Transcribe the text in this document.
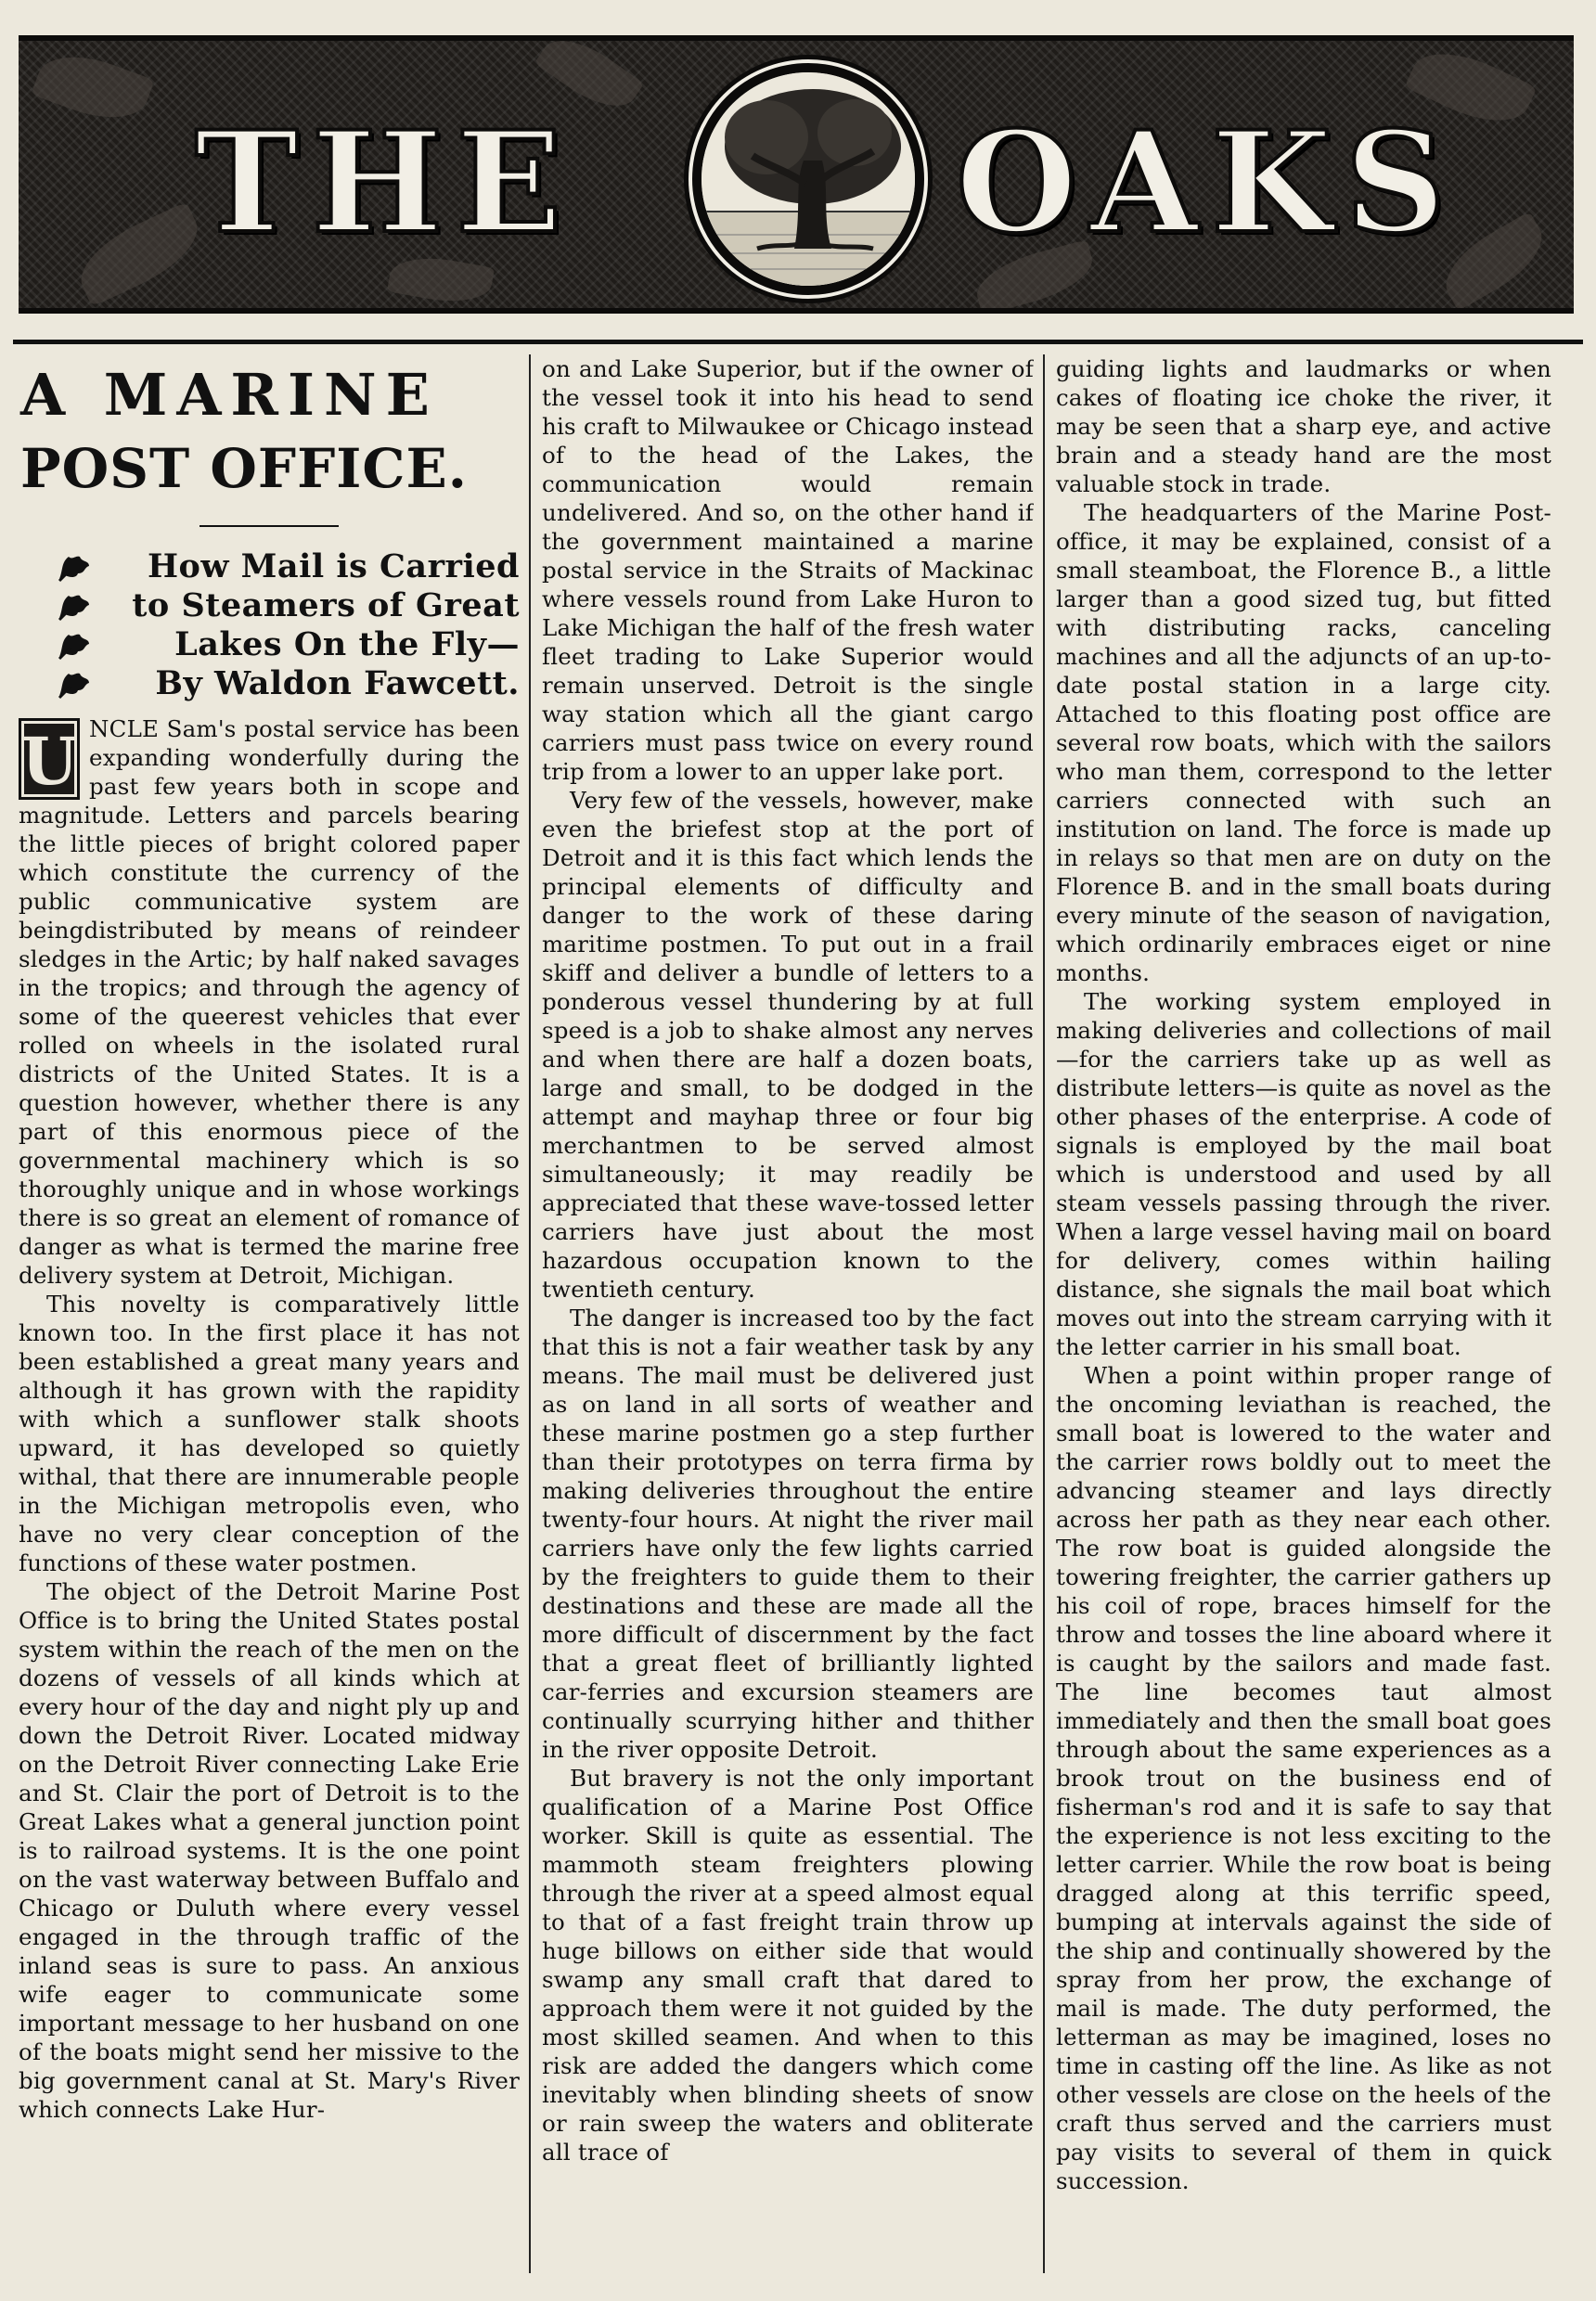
THE	OAKS
A MARINE
POST OFFICE.
How Mail is Carried
to Steamers of Great
Lakes On the Fly—
By Waldon Fawcett.
U NCLE Sam's postal service has been expanding wonderfully during the past few years both in scope and magnitude. Letters and parcels bearing the little pieces of bright colored paper which constitute the currency of the public communicative system are beingdistributed by means of reindeer sledges in the Artic; by half naked savages in the tropics; and through the agency of some of the queerest vehicles that ever rolled on wheels in the isolated rural districts of the United States. It is a question however, whether there is any part of this enormous piece of the governmental machinery which is so thoroughly unique and in whose workings there is so great an element of romance of danger as what is termed the marine free delivery system at Detroit, Michigan.

This novelty is comparatively little known too. In the first place it has not been established a great many years and although it has grown with the rapidity with which a sunflower stalk shoots upward, it has developed so quietly withal, that there are innumerable people in the Michigan metropolis even, who have no very clear conception of the functions of these water postmen.

The object of the Detroit Marine Post Office is to bring the United States postal system within the reach of the men on the dozens of vessels of all kinds which at every hour of the day and night ply up and down the Detroit River. Located midway on the Detroit River connecting Lake Erie and St. Clair the port of Detroit is to the Great Lakes what a general junction point is to railroad systems. It is the one point on the vast waterway between Buffalo and Chicago or Duluth where every vessel engaged in the through traffic of the inland seas is sure to pass. An anxious wife eager to communicate some important message to her husband on one of the boats might send her missive to the big government canal at St. Mary's River which connects Lake Hur-

on and Lake Superior, but if the owner of the vessel took it into his head to send his craft to Milwaukee or Chicago instead of to the head of the Lakes, the communication would remain undelivered. And so, on the other hand if the government maintained a marine postal service in the Straits of Mackinac where vessels round from Lake Huron to Lake Michigan the half of the fresh water fleet trading to Lake Superior would remain unserved. Detroit is the single way station which all the giant cargo carriers must pass twice on every round trip from a lower to an upper lake port.

Very few of the vessels, however, make even the briefest stop at the port of Detroit and it is this fact which lends the principal elements of difficulty and danger to the work of these daring maritime postmen. To put out in a frail skiff and deliver a bundle of letters to a ponderous vessel thundering by at full speed is a job to shake almost any nerves and when there are half a dozen boats, large and small, to be dodged in the attempt and mayhap three or four big merchantmen to be served almost simultaneously; it may readily be appreciated that these wave-tossed letter carriers have just about the most hazardous occupation known to the twentieth century.

The danger is increased too by the fact that this is not a fair weather task by any means. The mail must be delivered just as on land in all sorts of weather and these marine postmen go a step further than their prototypes on terra firma by making deliveries throughout the entire twenty-four hours. At night the river mail carriers have only the few lights carried by the freighters to guide them to their destinations and these are made all the more difficult of discernment by the fact that a great fleet of brilliantly lighted car-ferries and excursion steamers are continually scurrying hither and thither in the river opposite Detroit.

But bravery is not the only important qualification of a Marine Post Office worker. Skill is quite as essential. The mammoth steam freighters plowing through the river at a speed almost equal to that of a fast freight train throw up huge billows on either side that would swamp any small craft that dared to approach them were it not guided by the most skilled seamen. And when to this risk are added the dangers which come inevitably when blinding sheets of snow or rain sweep the waters and obliterate all trace of

guiding lights and laudmarks or when cakes of floating ice choke the river, it may be seen that a sharp eye, and active brain and a steady hand are the most valuable stock in trade.

The headquarters of the Marine Post-office, it may be explained, consist of a small steamboat, the Florence B., a little larger than a good sized tug, but fitted with distributing racks, canceling machines and all the adjuncts of an up-to-date postal station in a large city. Attached to this floating post office are several row boats, which with the sailors who man them, correspond to the letter carriers connected with such an institution on land. The force is made up in relays so that men are on duty on the Florence B. and in the small boats during every minute of the season of navigation, which ordinarily embraces eiget or nine months.

The working system employed in making deliveries and collections of mail—for the carriers take up as well as distribute letters—is quite as novel as the other phases of the enterprise. A code of signals is employed by the mail boat which is understood and used by all steam vessels passing through the river. When a large vessel having mail on board for delivery, comes within hailing distance, she signals the mail boat which moves out into the stream carrying with it the letter carrier in his small boat.

When a point within proper range of the oncoming leviathan is reached, the small boat is lowered to the water and the carrier rows boldly out to meet the advancing steamer and lays directly across her path as they near each other. The row boat is guided alongside the towering freighter, the carrier gathers up his coil of rope, braces himself for the throw and tosses the line aboard where it is caught by the sailors and made fast. The line becomes taut almost immediately and then the small boat goes through about the same experiences as a brook trout on the business end of fisherman's rod and it is safe to say that the experience is not less exciting to the letter carrier. While the row boat is being dragged along at this terrific speed, bumping at intervals against the side of the ship and continually showered by the spray from her prow, the exchange of mail is made. The duty performed, the letterman as may be imagined, loses no time in casting off the line. As like as not other vessels are close on the heels of the craft thus served and the carriers must pay visits to several of them in quick succession.
